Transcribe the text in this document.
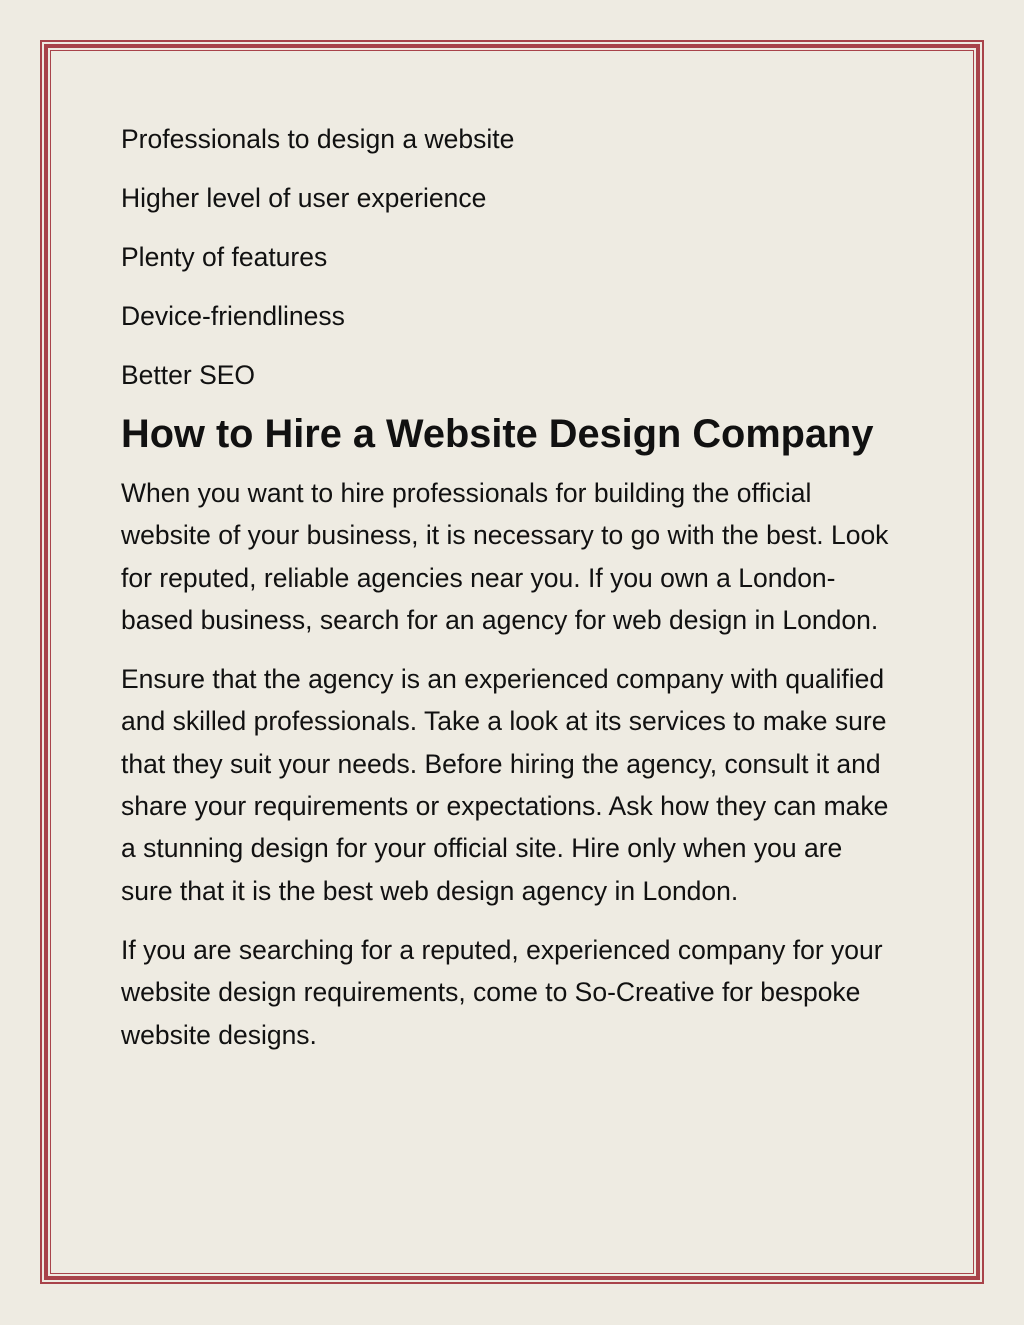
Professionals to design a website

Higher level of user experience

Plenty of features

Device-friendliness

Better SEO

How to Hire a Website Design Company

When you want to hire professionals for building the official website of your business, it is necessary to go with the best. Look for reputed, reliable agencies near you. If you own a London-based business, search for an agency for web design in London.

Ensure that the agency is an experienced company with qualified and skilled professionals. Take a look at its services to make sure that they suit your needs. Before hiring the agency, consult it and share your requirements or expectations. Ask how they can make a stunning design for your official site. Hire only when you are sure that it is the best web design agency in London.

If you are searching for a reputed, experienced company for your website design requirements, come to So-Creative for bespoke website designs.
